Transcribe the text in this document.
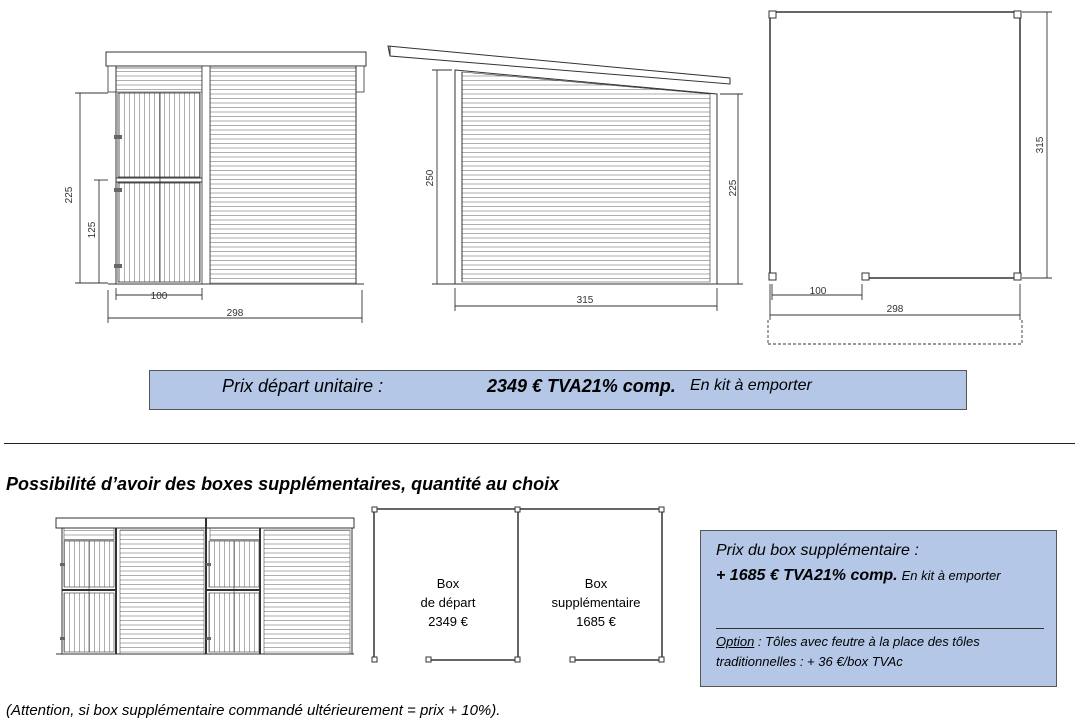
225
125
100
298
250
225
315
315
100
298
Box
de départ
2349 €
Box
supplémentaire
1685 €
Prix départ unitaire :	2349 € TVA21% comp. En kit à emporter
Possibilité d’avoir des boxes supplémentaires, quantité au choix
Prix du box supplémentaire :
+ 1685 € TVA21% comp. En kit à emporter
Option : Tôles avec feutre à la place des tôles traditionnelles : + 36 €/box TVAc
(Attention, si box supplémentaire commandé ultérieurement = prix + 10%).
